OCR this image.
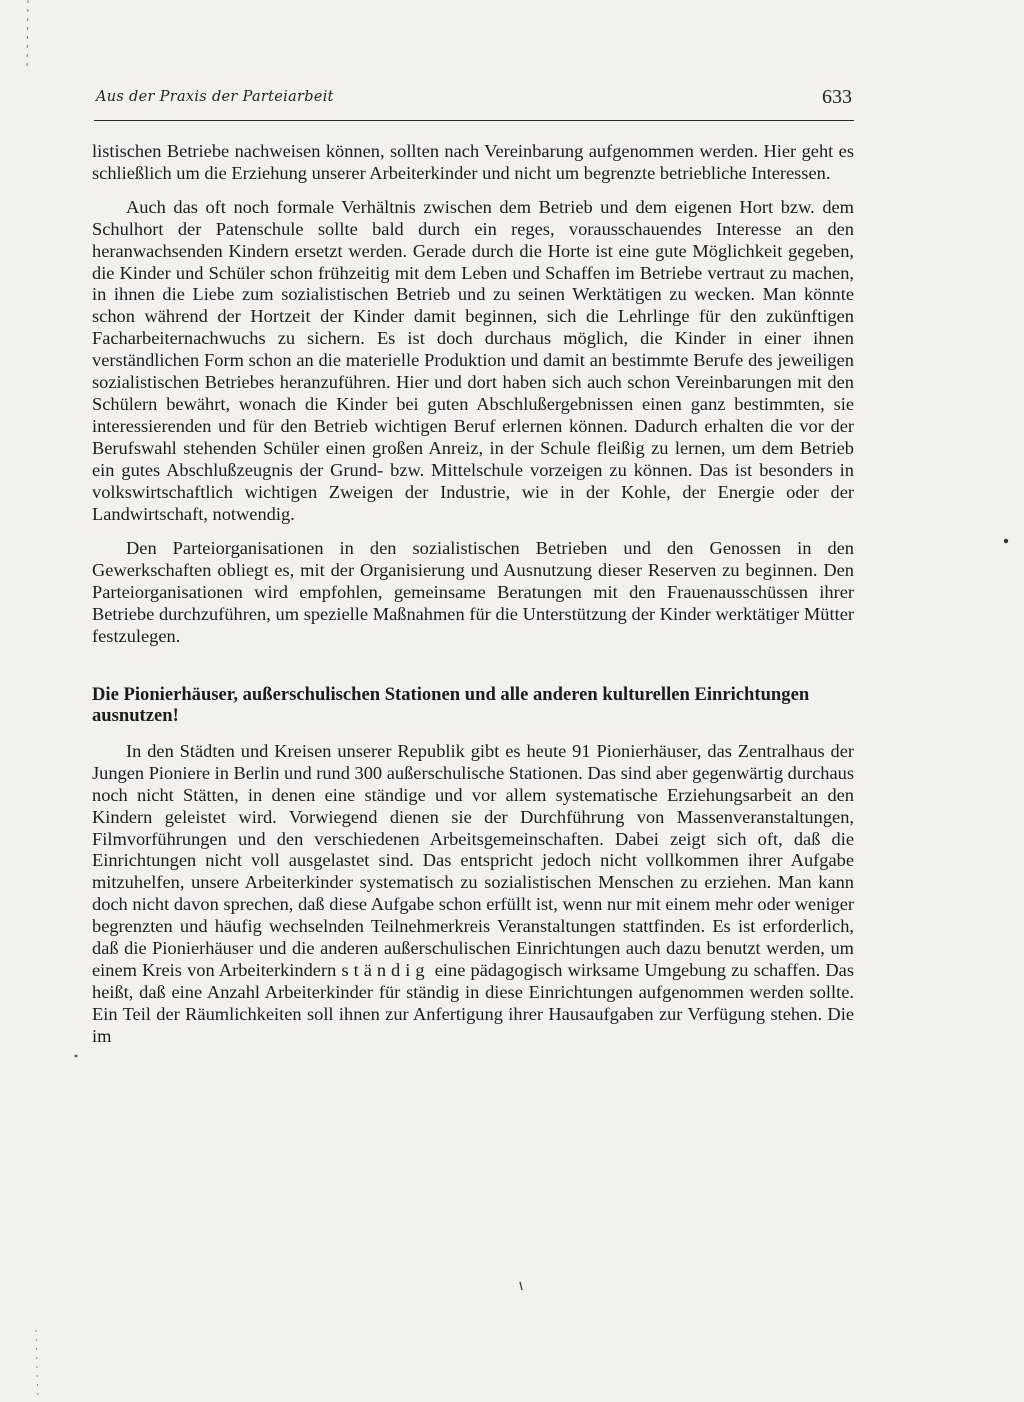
Aus der Praxis der Parteiarbeit	633

listischen Betriebe nachweisen können, sollten nach Vereinbarung aufgenommen werden. Hier geht es schließlich um die Erziehung unserer Arbeiterkinder und nicht um begrenzte betriebliche Interessen.

Auch das oft noch formale Verhältnis zwischen dem Betrieb und dem eigenen Hort bzw. dem Schulhort der Patenschule sollte bald durch ein reges, vorausschauendes Interesse an den heranwachsenden Kindern ersetzt werden. Gerade durch die Horte ist eine gute Möglichkeit gegeben, die Kinder und Schüler schon frühzeitig mit dem Leben und Schaffen im Betriebe vertraut zu machen, in ihnen die Liebe zum sozialistischen Betrieb und zu seinen Werktätigen zu wecken. Man könnte schon während der Hortzeit der Kinder damit beginnen, sich die Lehrlinge für den zukünftigen Facharbeiternachwuchs zu sichern. Es ist doch durchaus möglich, die Kinder in einer ihnen verständlichen Form schon an die materielle Produktion und damit an bestimmte Berufe des jeweiligen sozialistischen Betriebes heranzuführen. Hier und dort haben sich auch schon Vereinbarungen mit den Schülern bewährt, wonach die Kinder bei guten Abschlußergebnissen einen ganz bestimmten, sie interessierenden und für den Betrieb wichtigen Beruf erlernen können. Dadurch erhalten die vor der Berufswahl stehenden Schüler einen großen Anreiz, in der Schule fleißig zu lernen, um dem Betrieb ein gutes Abschlußzeugnis der Grund- bzw. Mittelschule vorzeigen zu können. Das ist besonders in volkswirtschaftlich wichtigen Zweigen der Industrie, wie in der Kohle, der Energie oder der Landwirtschaft, notwendig.

Den Parteiorganisationen in den sozialistischen Betrieben und den Genossen in den Gewerkschaften obliegt es, mit der Organisierung und Ausnutzung dieser Reserven zu beginnen. Den Parteiorganisationen wird empfohlen, gemeinsame Beratungen mit den Frauenausschüssen ihrer Betriebe durchzuführen, um spezielle Maßnahmen für die Unterstützung der Kinder werktätiger Mütter festzulegen.

Die Pionierhäuser, außerschulischen Stationen und alle anderen kulturellen Einrichtungen ausnutzen!

In den Städten und Kreisen unserer Republik gibt es heute 91 Pionierhäuser, das Zentralhaus der Jungen Pioniere in Berlin und rund 300 außerschulische Stationen. Das sind aber gegenwärtig durchaus noch nicht Stätten, in denen eine ständige und vor allem systematische Erziehungsarbeit an den Kindern geleistet wird. Vorwiegend dienen sie der Durchführung von Massenveranstaltungen, Filmvorführungen und den verschiedenen Arbeitsgemeinschaften. Dabei zeigt sich oft, daß die Einrichtungen nicht voll ausgelastet sind. Das entspricht jedoch nicht vollkommen ihrer Aufgabe mitzuhelfen, unsere Arbeiterkinder systematisch zu sozialistischen Menschen zu erziehen. Man kann doch nicht davon sprechen, daß diese Aufgabe schon erfüllt ist, wenn nur mit einem mehr oder weniger begrenzten und häufig wechselnden Teilnehmerkreis Veranstaltungen stattfinden. Es ist erforderlich, daß die Pionierhäuser und die anderen außerschulischen Einrichtungen auch dazu benutzt werden, um einem Kreis von Arbeiterkindern ständig eine pädagogisch wirksame Umgebung zu schaffen. Das heißt, daß eine Anzahl Arbeiterkinder für ständig in diese Einrichtungen aufgenommen werden sollte. Ein Teil der Räumlichkeiten soll ihnen zur Anfertigung ihrer Hausaufgaben zur Verfügung stehen. Die im
